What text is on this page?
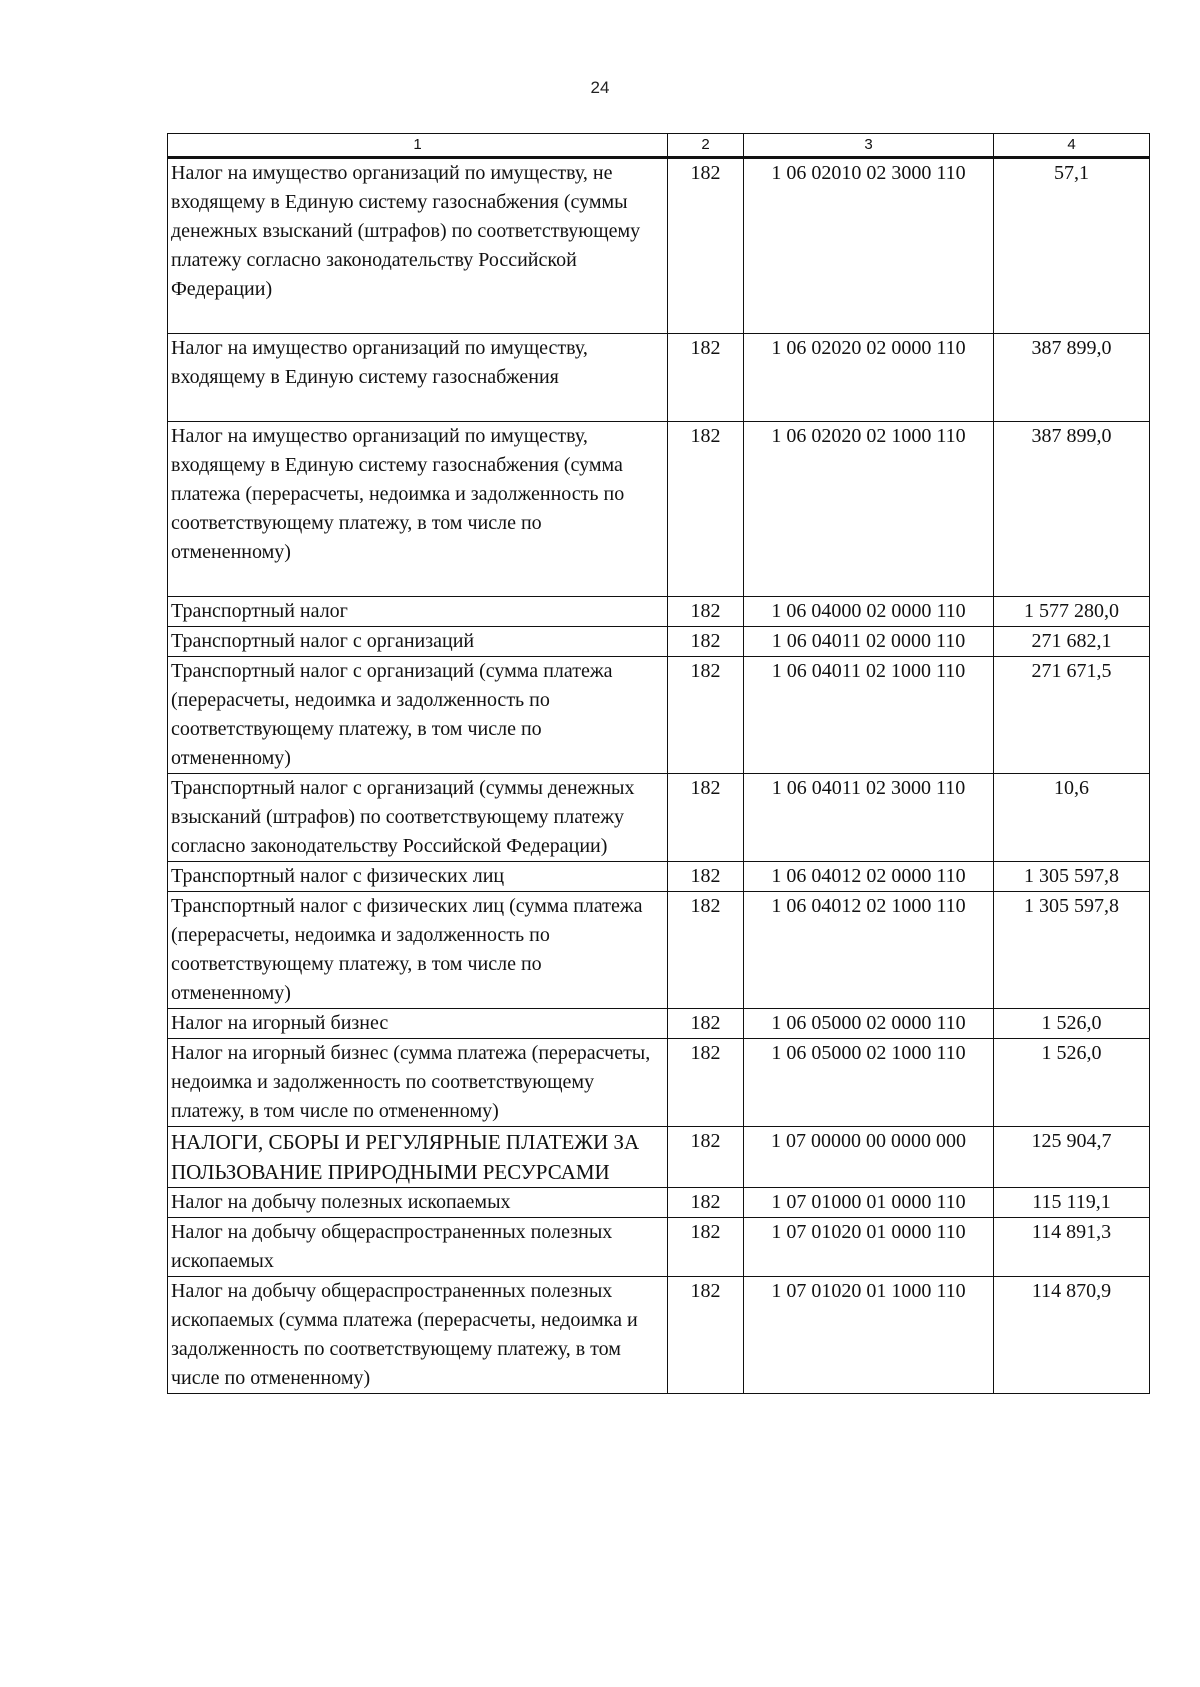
24
1	2	3	4
Налог на имущество организаций по имуществу, не входящему в Единую систему газоснабжения (суммы денежных взысканий (штрафов) по соответствующему платежу согласно законодательству Российской Федерации)	182	1 06 02010 02 3000 110	57,1
Налог на имущество организаций по имуществу, входящему в Единую систему газоснабжения	182	1 06 02020 02 0000 110	387 899,0
Налог на имущество организаций по имуществу, входящему в Единую систему газоснабжения (сумма платежа (перерасчеты, недоимка и задолженность по соответствующему платежу, в том числе по отмененному)	182	1 06 02020 02 1000 110	387 899,0
Транспортный налог	182	1 06 04000 02 0000 110	1 577 280,0
Транспортный налог с организаций	182	1 06 04011 02 0000 110	271 682,1
Транспортный налог с организаций (сумма платежа (перерасчеты, недоимка и задолженность по соответствующему платежу, в том числе по отмененному)	182	1 06 04011 02 1000 110	271 671,5
Транспортный налог с организаций (суммы денежных взысканий (штрафов) по соответствующему платежу согласно законодательству Российской Федерации)	182	1 06 04011 02 3000 110	10,6
Транспортный налог с физических лиц	182	1 06 04012 02 0000 110	1 305 597,8
Транспортный налог с физических лиц (сумма платежа (перерасчеты, недоимка и задолженность по соответствующему платежу, в том числе по отмененному)	182	1 06 04012 02 1000 110	1 305 597,8
Налог на игорный бизнес	182	1 06 05000 02 0000 110	1 526,0
Налог на игорный бизнес (сумма платежа (перерасчеты, недоимка и задолженность по соответствующему платежу, в том числе по отмененному)	182	1 06 05000 02 1000 110	1 526,0
НАЛОГИ, СБОРЫ И РЕГУЛЯРНЫЕ ПЛАТЕЖИ ЗА ПОЛЬЗОВАНИЕ ПРИРОДНЫМИ РЕСУРСАМИ	182	1 07 00000 00 0000 000	125 904,7
Налог на добычу полезных ископаемых	182	1 07 01000 01 0000 110	115 119,1
Налог на добычу общераспространенных полезных ископаемых	182	1 07 01020 01 0000 110	114 891,3
Налог на добычу общераспространенных полезных ископаемых (сумма платежа (перерасчеты, недоимка и задолженность по соответствующему платежу, в том числе по отмененному)	182	1 07 01020 01 1000 110	114 870,9
